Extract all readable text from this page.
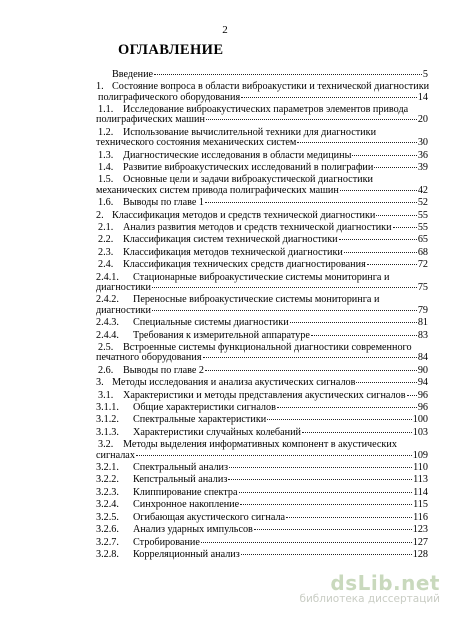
2
ОГЛАВЛЕНИЕ
Введение	5
1. Состояние вопроса в области виброакустики и технической диагностики
полиграфического оборудования	14
1.1. Исследование виброакустических параметров элементов привода
полиграфических машин	20
1.2. Использование вычислительной техники для диагностики
технического состояния механических систем	30
1.3. Диагностические исследования в области медицины	36
1.4. Развитие виброакустических исследований в полиграфии	39
1.5. Основные цели и задачи виброакустической диагностики
механических систем привода полиграфических машин	42
1.6. Выводы по главе 1	52
2. Классификация методов и средств технической диагностики	55
2.1. Анализ развития методов и средств технической диагностики	55
2.2. Классификация систем технической диагностики	65
2.3. Классификация методов технической диагностики	68
2.4. Классификация технических средств диагностирования	72
2.4.1.	Стационарные виброакустические системы мониторинга и
диагностики	75
2.4.2.	Переносные виброакустические системы мониторинга и
диагностики	79
2.4.3.	Специальные системы диагностики	81
2.4.4.	Требования к измерительной аппаратуре	83
2.5. Встроенные системы функциональной диагностики современного
печатного оборудования	84
2.6. Выводы по главе 2	90
3. Методы исследования и анализа акустических сигналов	94
3.1. Характеристики и методы представления акустических сигналов 96
3.1.1.	Общие характеристики сигналов	96
3.1.2.	Спектральные характеристики	100
3.1.3.	Характеристики случайных колебаний	103
3.2. Методы выделения информативных компонент в акустических
сигналах	109
3.2.1.	Спектральный анализ	110
3.2.2.	Кепстральный анализ	113
3.2.3.	Клиппирование спектра	114
3.2.4.	Синхронное накопление	115
3.2.5.	Огибающая акустического сигнала	116
3.2.6.	Анализ ударных импульсов	123
3.2.7.	Стробирование	127
3.2.8.	Корреляционный анализ	128
dsLib.net
библиотека диссертаций
